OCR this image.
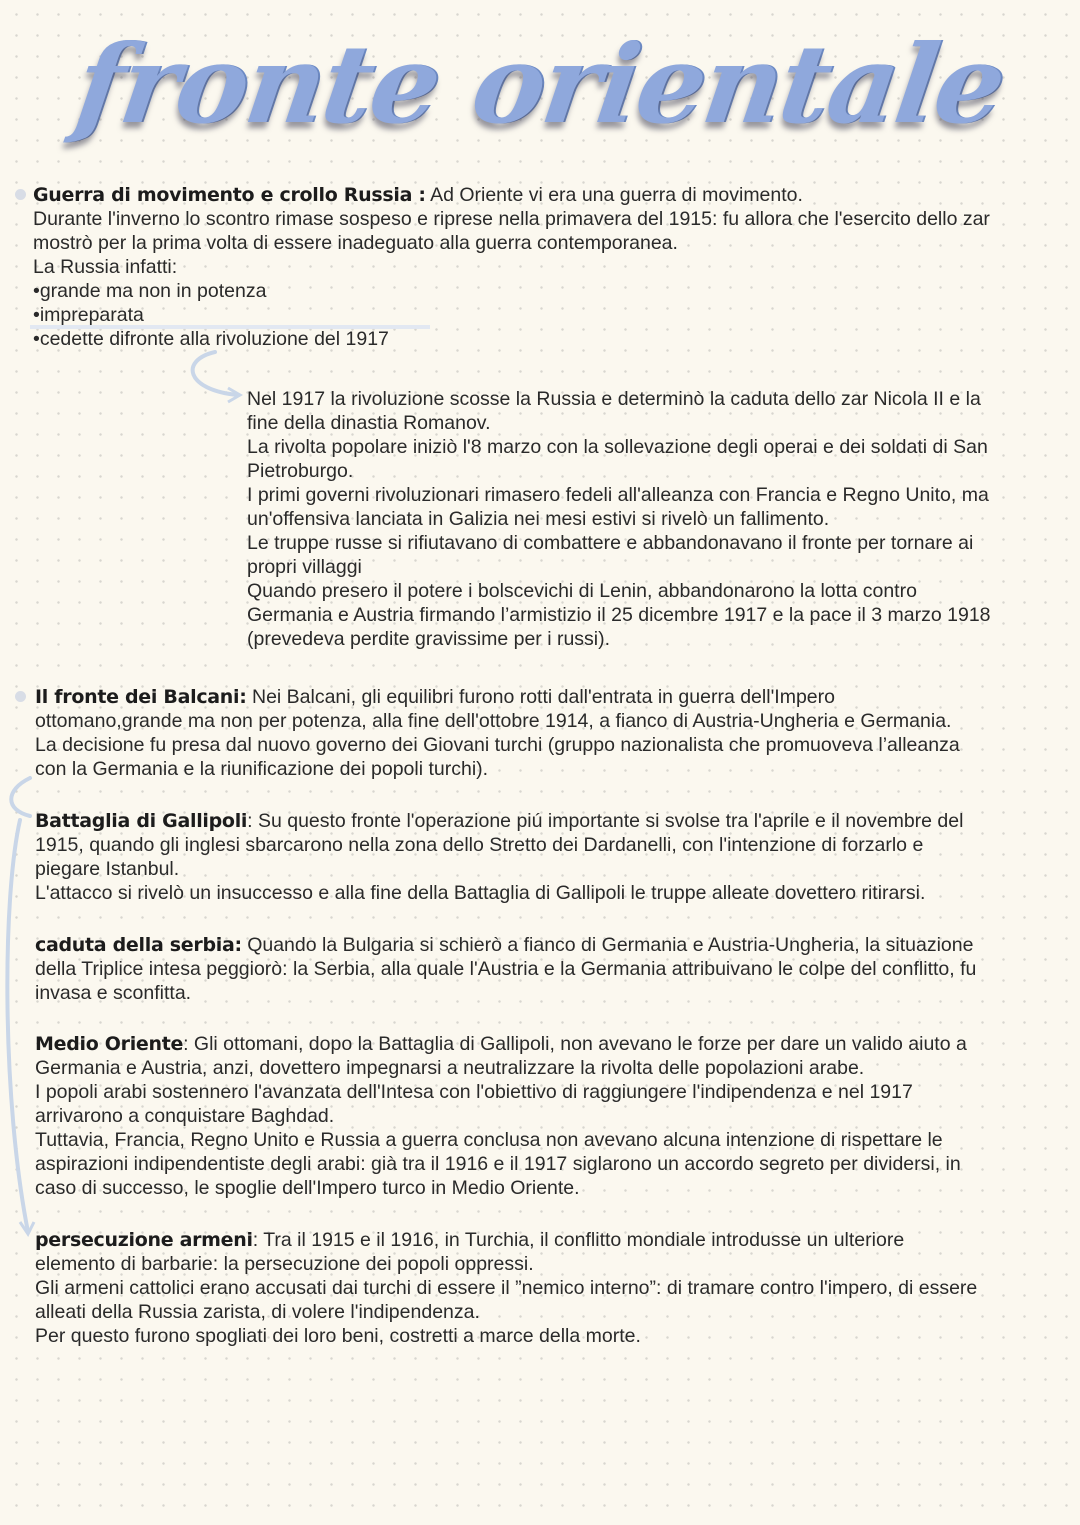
fronte orientale
Guerra di movimento e crollo Russia : Ad Oriente vi era una guerra di movimento.
Durante l'inverno lo scontro rimase sospeso e riprese nella primavera del 1915: fu allora che l'esercito dello zar
mostrò per la prima volta di essere inadeguato alla guerra contemporanea.
La Russia infatti:
•grande ma non in potenza
•impreparata
•cedette difronte alla rivoluzione del 1917
Nel 1917 la rivoluzione scosse la Russia e determinò la caduta dello zar Nicola II e la
fine della dinastia Romanov.
La rivolta popolare iniziò l'8 marzo con la sollevazione degli operai e dei soldati di San
Pietroburgo.
I primi governi rivoluzionari rimasero fedeli all'alleanza con Francia e Regno Unito, ma
un'offensiva lanciata in Galizia nei mesi estivi si rivelò un fallimento.
Le truppe russe si rifiutavano di combattere e abbandonavano il fronte per tornare ai
propri villaggi
Quando presero il potere i bolscevichi di Lenin, abbandonarono la lotta contro
Germania e Austria firmando l’armistizio il 25 dicembre 1917 e la pace il 3 marzo 1918
(prevedeva perdite gravissime per i russi).
Il fronte dei Balcani: Nei Balcani, gli equilibri furono rotti dall'entrata in guerra dell'Impero
ottomano,grande ma non per potenza, alla fine dell'ottobre 1914, a fianco di Austria-Ungheria e Germania.
La decisione fu presa dal nuovo governo dei Giovani turchi (gruppo nazionalista che promuoveva l’alleanza
con la Germania e la riunificazione dei popoli turchi).
Battaglia di Gallipoli: Su questo fronte l'operazione piú importante si svolse tra l'aprile e il novembre del
1915, quando gli inglesi sbarcarono nella zona dello Stretto dei Dardanelli, con l'intenzione di forzarlo e
piegare Istanbul.
L'attacco si rivelò un insuccesso e alla fine della Battaglia di Gallipoli le truppe alleate dovettero ritirarsi.
caduta della serbia: Quando la Bulgaria si schierò a fianco di Germania e Austria-Ungheria, la situazione
della Triplice intesa peggiorò: la Serbia, alla quale l'Austria e la Germania attribuivano le colpe del conflitto, fu
invasa e sconfitta.
Medio Oriente: Gli ottomani, dopo la Battaglia di Gallipoli, non avevano le forze per dare un valido aiuto a
Germania e Austria, anzi, dovettero impegnarsi a neutralizzare la rivolta delle popolazioni arabe.
I popoli arabi sostennero l'avanzata dell'Intesa con l'obiettivo di raggiungere l'indipendenza e nel 1917
arrivarono a conquistare Baghdad.
Tuttavia, Francia, Regno Unito e Russia a guerra conclusa non avevano alcuna intenzione di rispettare le
aspirazioni indipendentiste degli arabi: già tra il 1916 e il 1917 siglarono un accordo segreto per dividersi, in
caso di successo, le spoglie dell'Impero turco in Medio Oriente.
persecuzione armeni: Tra il 1915 e il 1916, in Turchia, il conflitto mondiale introdusse un ulteriore
elemento di barbarie: la persecuzione dei popoli oppressi.
Gli armeni cattolici erano accusati dai turchi di essere il ”nemico interno”: di tramare contro l'impero, di essere
alleati della Russia zarista, di volere l'indipendenza.
Per questo furono spogliati dei loro beni, costretti a marce della morte.
